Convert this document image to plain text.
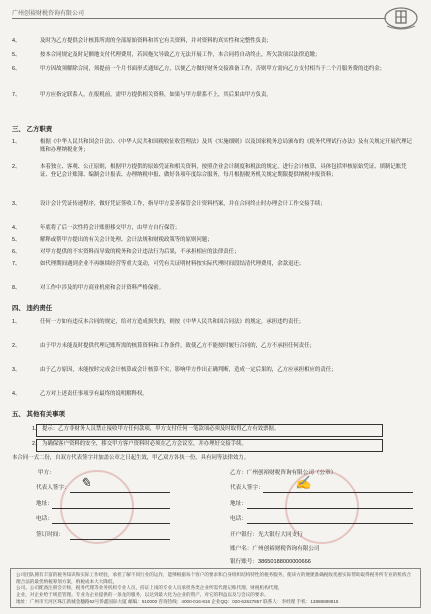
广州创裕财税咨询有限公司
4、	及时为乙方提供会计核算所需的全部原始资料和其它有关资料，并对资料的真实性和完整性负责；
5、	按本合同规定及时足额地支付代理费用，若因拖欠导致乙方无法开展工作，本合同将自动终止，所欠款项以法律追缴；
6、	甲方因故须解除合同，须提前一个月书面形式通知乙方，以便乙方做好财务交接准备工作，否则甲方需向乙方支付相当于二个月服务费的违约金；
7、	甲方应指定联系人，在报税前，需甲方提供相关资料，如果与甲方联系不上，其后果由甲方负责。
三、 乙方职责
1、	根据《中华人民共和国会计法》、《中华人民共和国税收征收管理法》及其《实施细则》以及国家税务总局颁布的《税务代理试行办法》及有关规定开展代理记账和办理纳税业务；
2、	本着独立、客观、公正原则，根据甲方提供的原始凭证和相关资料，按照企业会计制度和税法的规定，进行会计核算，具体包括审核原始凭证、填制记账凭证、登记会计账簿、编制会计报表、办理纳税申报、做好各项年度综合服务，每月根据税务机关规定期限提供纳税申报资料；
3、	设计会计凭证传递程序，做好凭证签收工作，指导甲方妥善保管会计资料档案，并在合同终止时办理会计工作交接手续；
4、	年底将了后一次性将会计账册移交甲方，由甲方自行保管；
5、	解释或帮甲方提出的有关会计处理、会计法规和财税政策等的原则问题；
6、	对甲方提供的不实资料而导致的税务和会计违法行为后果，不承担相应的法律责任；
7、	如代理期间遇到企业不再继续经营等重大变动，可凭有关证明材料按实际代理时间段结清代理费用，余款退还；
8、	对工作中涉及的甲方商业机密和会计资料严格保密。
四、 违约责任
1、	任何一方如有违反本合同的规定，给对方造成损失的，则按《中华人民共和国合同法》的规定，承担违约责任；
2、	由于甲方未能及时提供代理记账所需的核算资料和工作条件，致使乙方不能按时履行合同的，乙方不承担任何责任；
3、	由于乙方原因，未能按时完成会计核算或会计核算不实，影响甲方作出正确判断，造成一定后果的，乙方应承担相应的责任；
4、	乙方对上述责任事项享有最终的说明解释权。
五、 其他有关事项
1、 提示：乙方非财务人员禁止接收甲方任何款项，甲方支付任何一笔款项必须及时取得乙方有效票据。
2、 为确保客户资料的安全，移交甲方客户资料时必须在乙方会议室，并办理好交接手续。
本合同一式二份，自双方代表签字并加盖公章之日起生效，甲乙双方各执一份，具有同等法律效力。
甲方：
代表人签字： ✎
地址：
电话：
签订时间：
乙方：广州创裕财税咨询有限公司（公章）
代表人签字： ✍
地址：
电话：
开户银行：光大银行大同支行
账户名：广州创裕财税咨询有限公司
银行账号：38650188000000666
公司团队拥有丰富的税务知识和实际工作经验，承担了解不同行业的运作，能够根据每个客户的要求和自身组织结构特性的税务服务，使该方的便捷准确税收优惠实际帮助取得税务所专业的机构合理合法的最优纳税筹划方案，纳税成本大大降低，
公司。公司配备注册会计师，税务代理等业务机构专业人员，持证上岗的专业人员承担各类企业所需代理记账代理、财税机构代理，
企业，对企业给于规范管理。专业为企业提供的一条龙的服务，以达到最大化为企业的资产、对它的利益以及与会议的要求。
地址：广州市天河区珠江新城金穗路62号侨鑫国际大厦 邮编：510000 咨询热线：4000-016-816 企业QQ：020-62627857 联系人：李经理 手机：13888888815
